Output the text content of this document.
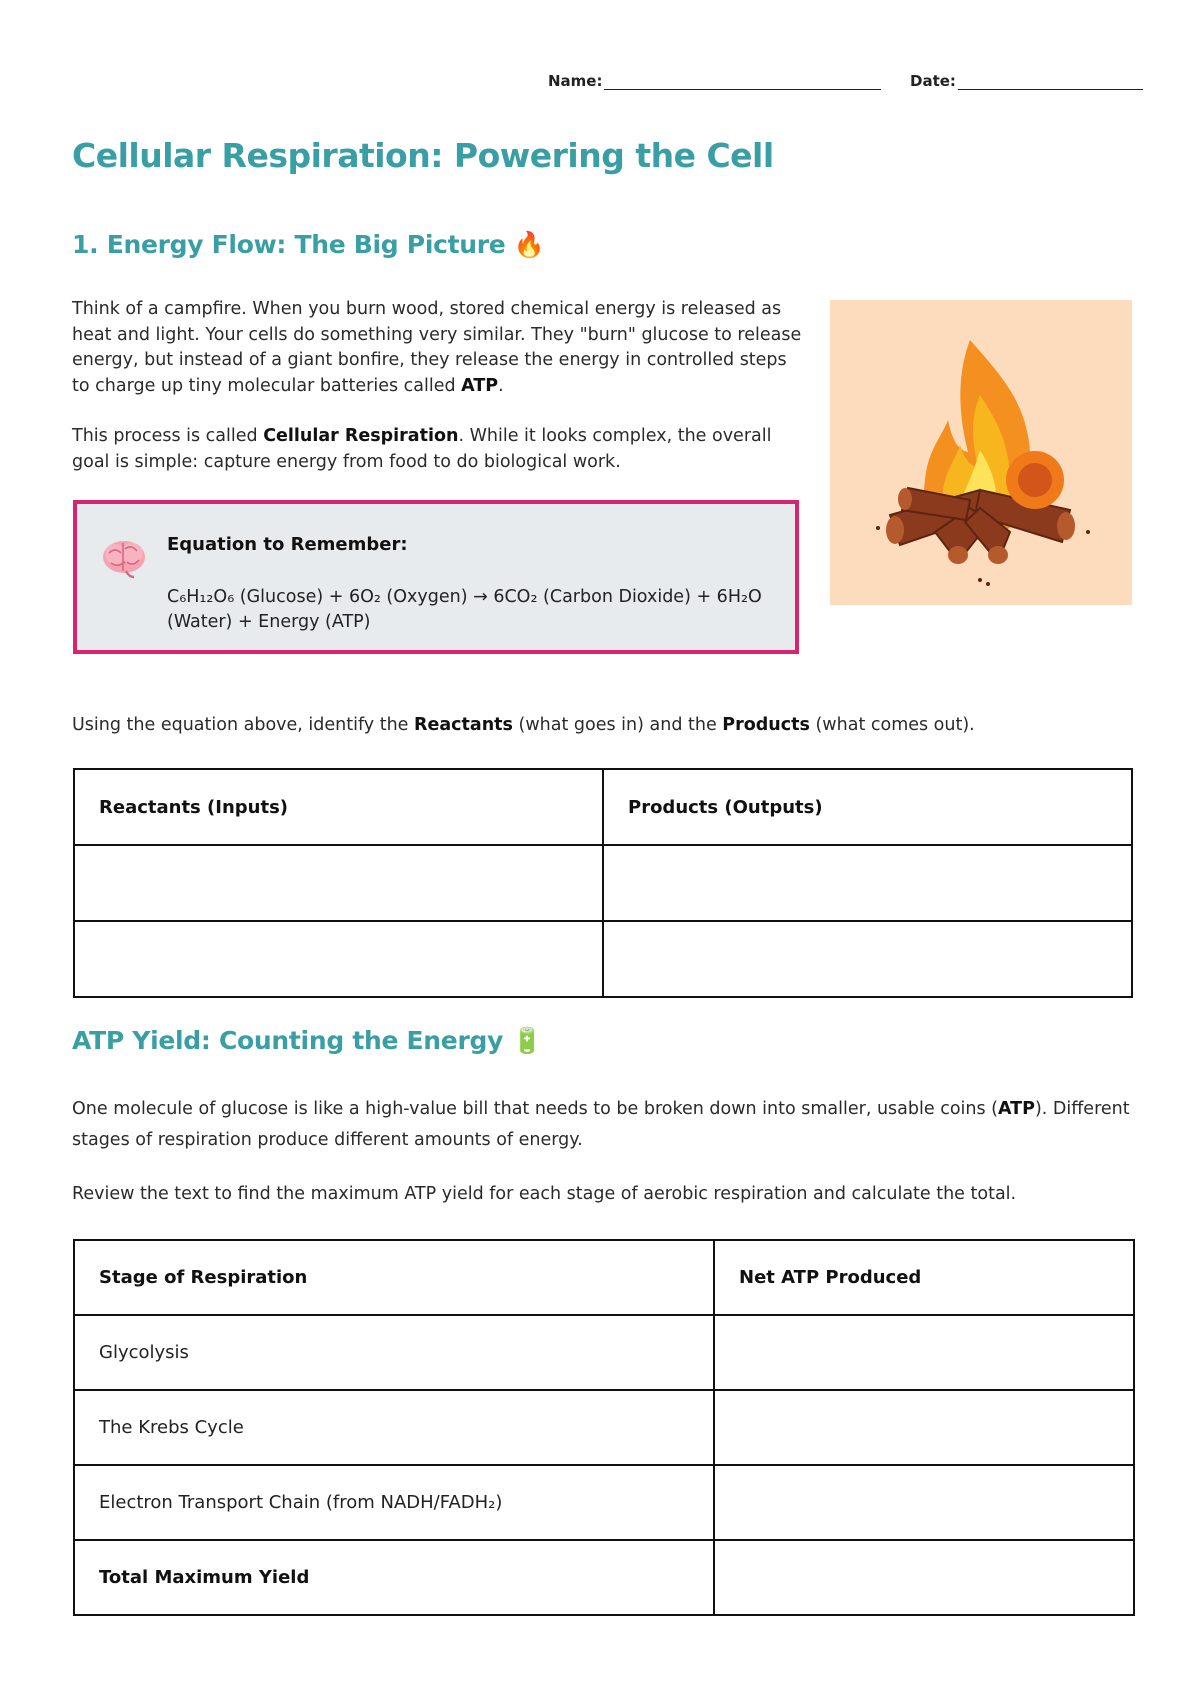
Name:	Date:
Cellular Respiration: Powering the Cell
1. Energy Flow: The Big Picture 🔥

Think of a campfire. When you burn wood, stored chemical energy is released as heat and light. Your cells do something very similar. They "burn" glucose to release energy, but instead of a giant bonfire, they release the energy in controlled steps to charge up tiny molecular batteries called ATP.

This process is called Cellular Respiration. While it looks complex, the overall goal is simple: capture energy from food to do biological work.

Equation to Remember:
C₆H₁₂O₆ (Glucose) + 6O₂ (Oxygen) → 6CO₂ (Carbon Dioxide) + 6H₂O (Water) + Energy (ATP)

Using the equation above, identify the Reactants (what goes in) and the Products (what comes out).

Reactants (Inputs)	Products (Outputs)

ATP Yield: Counting the Energy 🔋

One molecule of glucose is like a high-value bill that needs to be broken down into smaller, usable coins (ATP). Different stages of respiration produce different amounts of energy.

Review the text to find the maximum ATP yield for each stage of aerobic respiration and calculate the total.

Stage of Respiration	Net ATP Produced
Glycolysis	
The Krebs Cycle	
Electron Transport Chain (from NADH/FADH₂)	
Total Maximum Yield	
